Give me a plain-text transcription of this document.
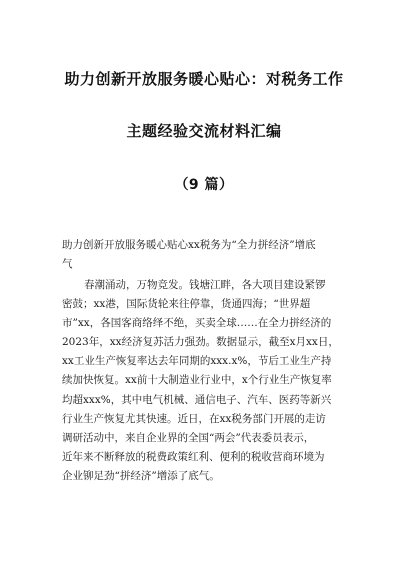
助力创新开放服务暖心贴心：对税务工作
主题经验交流材料汇编
（9 篇）
助力创新开放服务暖心贴心xx税务为“全力拼经济”增底
气
春潮涌动，万物竞发。钱塘江畔，各大项目建设紧锣
密鼓；xx港，国际货轮来往停靠，货通四海；“世界超
市”xx，各国客商络绎不绝，买卖全球……在全力拼经济的
2023年，xx经济复苏活力强劲。数据显示，截至x月xx日，
xx工业生产恢复率达去年同期的xxx.x%，节后工业生产持
续加快恢复。xx前十大制造业行业中，x个行业生产恢复率
均超xxx%，其中电气机械、通信电子、汽车、医药等新兴
行业生产恢复尤其快速。近日，在xx税务部门开展的走访
调研活动中，来自企业界的全国“两会”代表委员表示，
近年来不断释放的税费政策红利、便利的税收营商环境为
企业铆足劲“拼经济”增添了底气。
